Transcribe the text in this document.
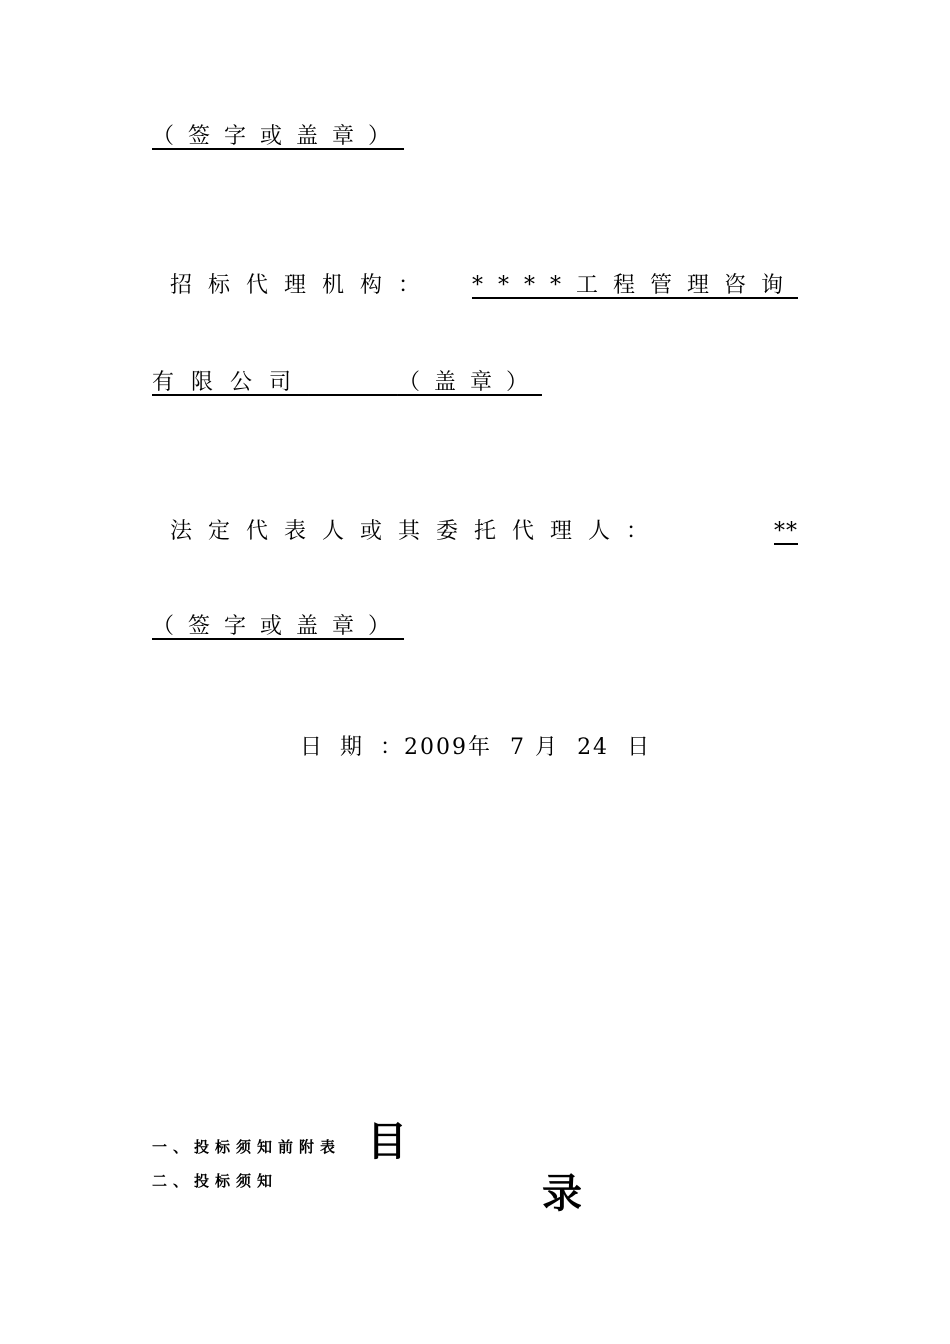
（签字或盖章）

招标代理机构：	****工程管理咨询

有限公司	（盖章）

法定代表人或其委托代理人：	**

（签字或盖章）
日期：2009年 7 月 24 日

目

录

一、投标须知前附表
二、投标须知
